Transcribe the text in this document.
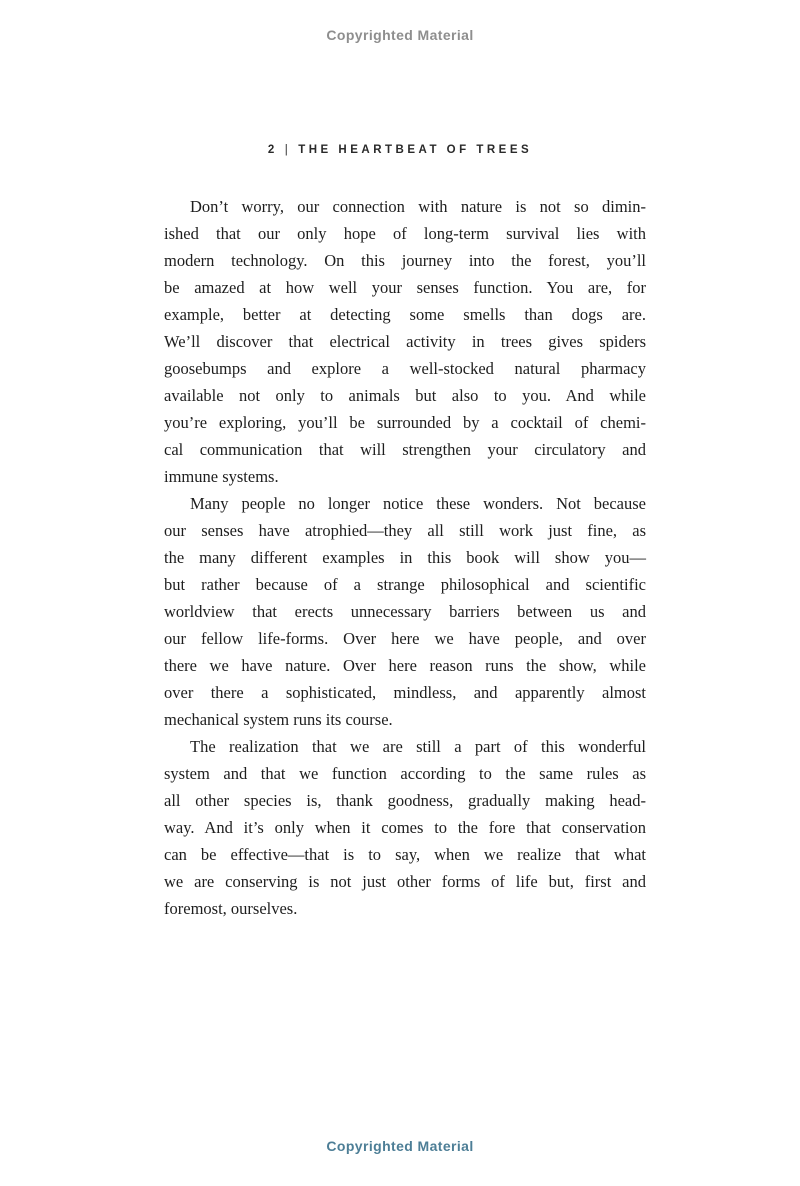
Copyrighted Material
2 | THE HEARTBEAT OF TREES
Don’t worry, our connection with nature is not so dimin-
ished that our only hope of long-term survival lies with
modern technology. On this journey into the forest, you’ll
be amazed at how well your senses function. You are, for
example, better at detecting some smells than dogs are.
We’ll discover that electrical activity in trees gives spiders
goosebumps and explore a well-stocked natural pharmacy
available not only to animals but also to you. And while
you’re exploring, you’ll be surrounded by a cocktail of chemi-
cal communication that will strengthen your circulatory and
immune systems.
Many people no longer notice these wonders. Not because
our senses have atrophied—they all still work just fine, as
the many different examples in this book will show you—
but rather because of a strange philosophical and scientific
worldview that erects unnecessary barriers between us and
our fellow life-forms. Over here we have people, and over
there we have nature. Over here reason runs the show, while
over there a sophisticated, mindless, and apparently almost
mechanical system runs its course.
The realization that we are still a part of this wonderful
system and that we function according to the same rules as
all other species is, thank goodness, gradually making head-
way. And it’s only when it comes to the fore that conservation
can be effective—that is to say, when we realize that what
we are conserving is not just other forms of life but, first and
foremost, ourselves.
Copyrighted Material
